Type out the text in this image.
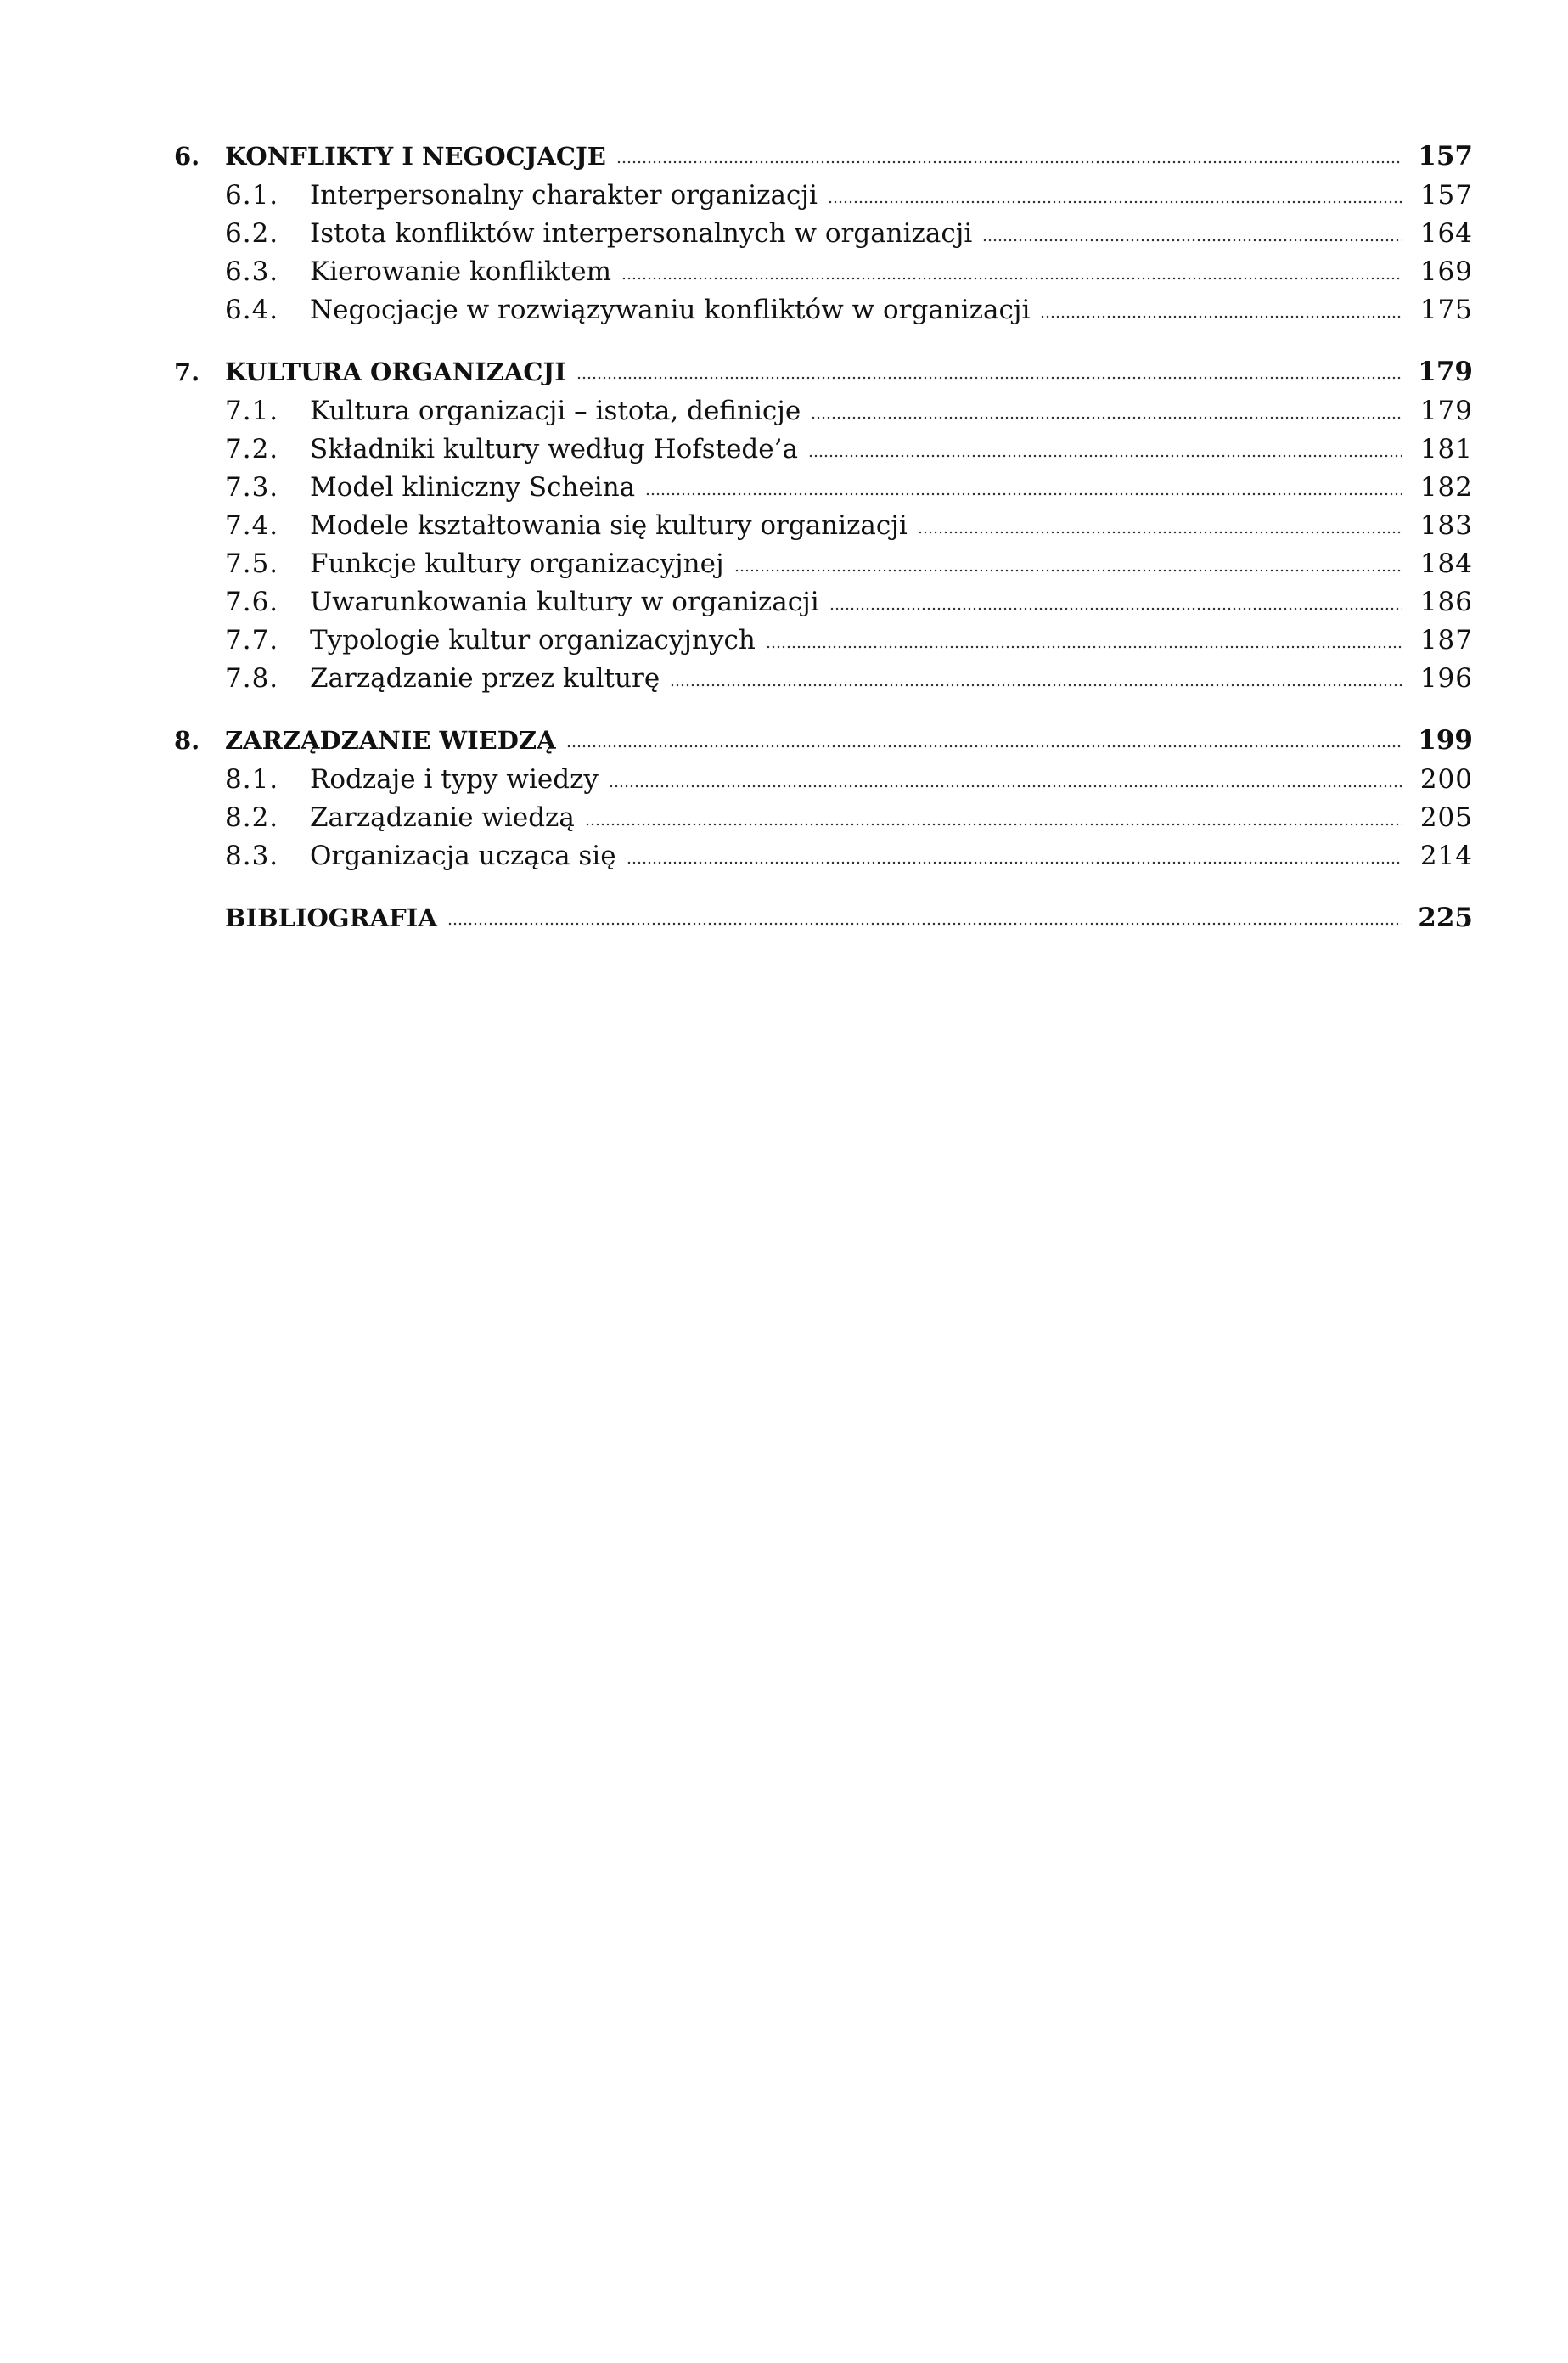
6.	KONFLIKTY I NEGOCJACJE	157
6.1.	Interpersonalny charakter organizacji	157
6.2.	Istota konfliktów interpersonalnych w organizacji	164
6.3.	Kierowanie konfliktem	169
6.4.	Negocjacje w rozwiązywaniu konfliktów w organizacji	175
7.	KULTURA ORGANIZACJI	179
7.1.	Kultura organizacji – istota, definicje	179
7.2.	Składniki kultury według Hofstede’a	181
7.3.	Model kliniczny Scheina	182
7.4.	Modele kształtowania się kultury organizacji	183
7.5.	Funkcje kultury organizacyjnej	184
7.6.	Uwarunkowania kultury w organizacji	186
7.7.	Typologie kultur organizacyjnych	187
7.8.	Zarządzanie przez kulturę	196
8.	ZARZĄDZANIE WIEDZĄ	199
8.1.	Rodzaje i typy wiedzy	200
8.2.	Zarządzanie wiedzą	205
8.3.	Organizacja ucząca się	214
BIBLIOGRAFIA	225
